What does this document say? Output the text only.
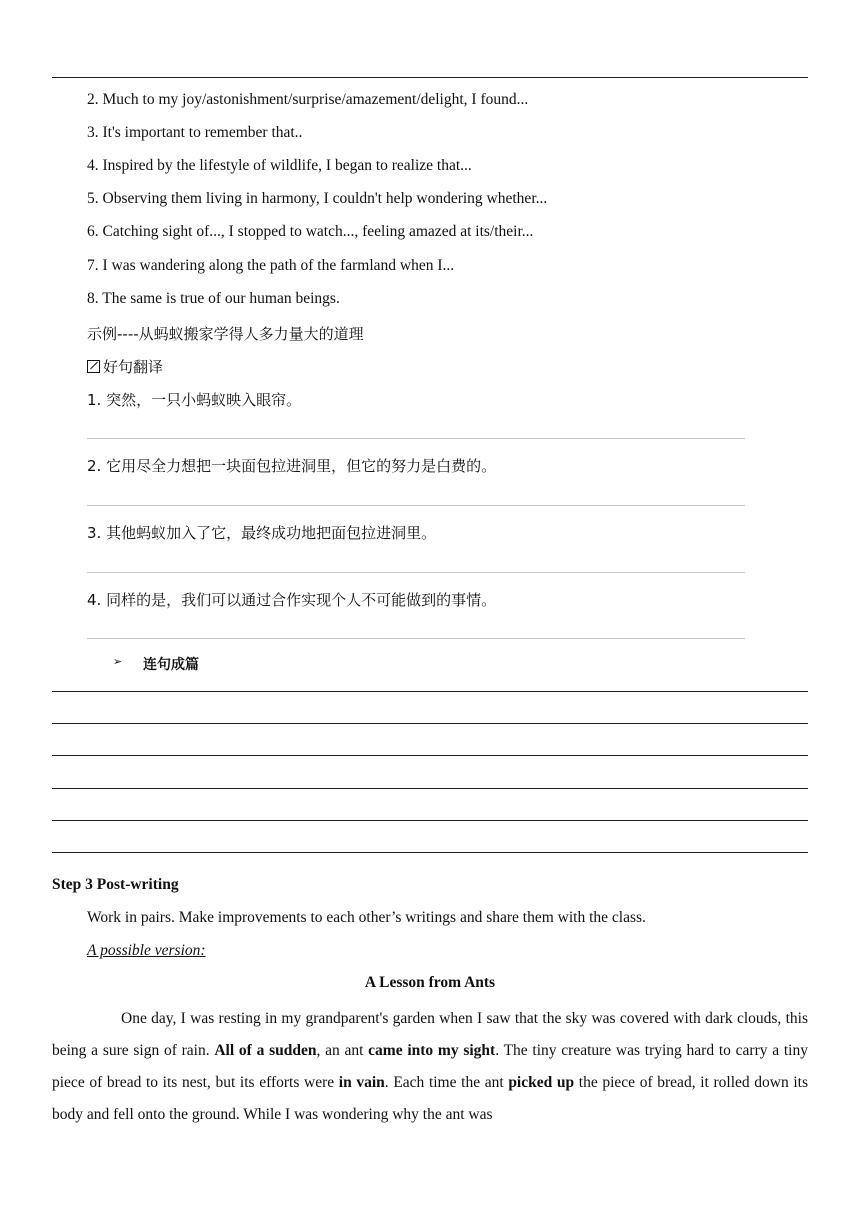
2. Much to my joy/astonishment/surprise/amazement/delight, I found...
3. It's important to remember that..
4. Inspired by the lifestyle of wildlife, I began to realize that...
5. Observing them living in harmony, I couldn't help wondering whether...
6. Catching sight of..., I stopped to watch..., feeling amazed at its/their...
7. I was wandering along the path of the farmland when I...
8. The same is true of our human beings.
示例----从蚂蚁搬家学得人多力量大的道理
好句翻译
1. 突然，一只小蚂蚁映入眼帘。
2. 它用尽全力想把一块面包拉进洞里，但它的努力是白费的。
3. 其他蚂蚁加入了它，最终成功地把面包拉进洞里。
4. 同样的是，我们可以通过合作实现个人不可能做到的事情。
➢ 连句成篇
Step 3 Post-writing
Work in pairs. Make improvements to each other’s writings and share them with the class.
A possible version:
A Lesson from Ants
One day, I was resting in my grandparent's garden when I saw that the sky was covered with dark clouds, this being a sure sign of rain. All of a sudden, an ant came into my sight. The tiny creature was trying hard to carry a tiny piece of bread to its nest, but its efforts were in vain. Each time the ant picked up the piece of bread, it rolled down its body and fell onto the ground. While I was wondering why the ant was
